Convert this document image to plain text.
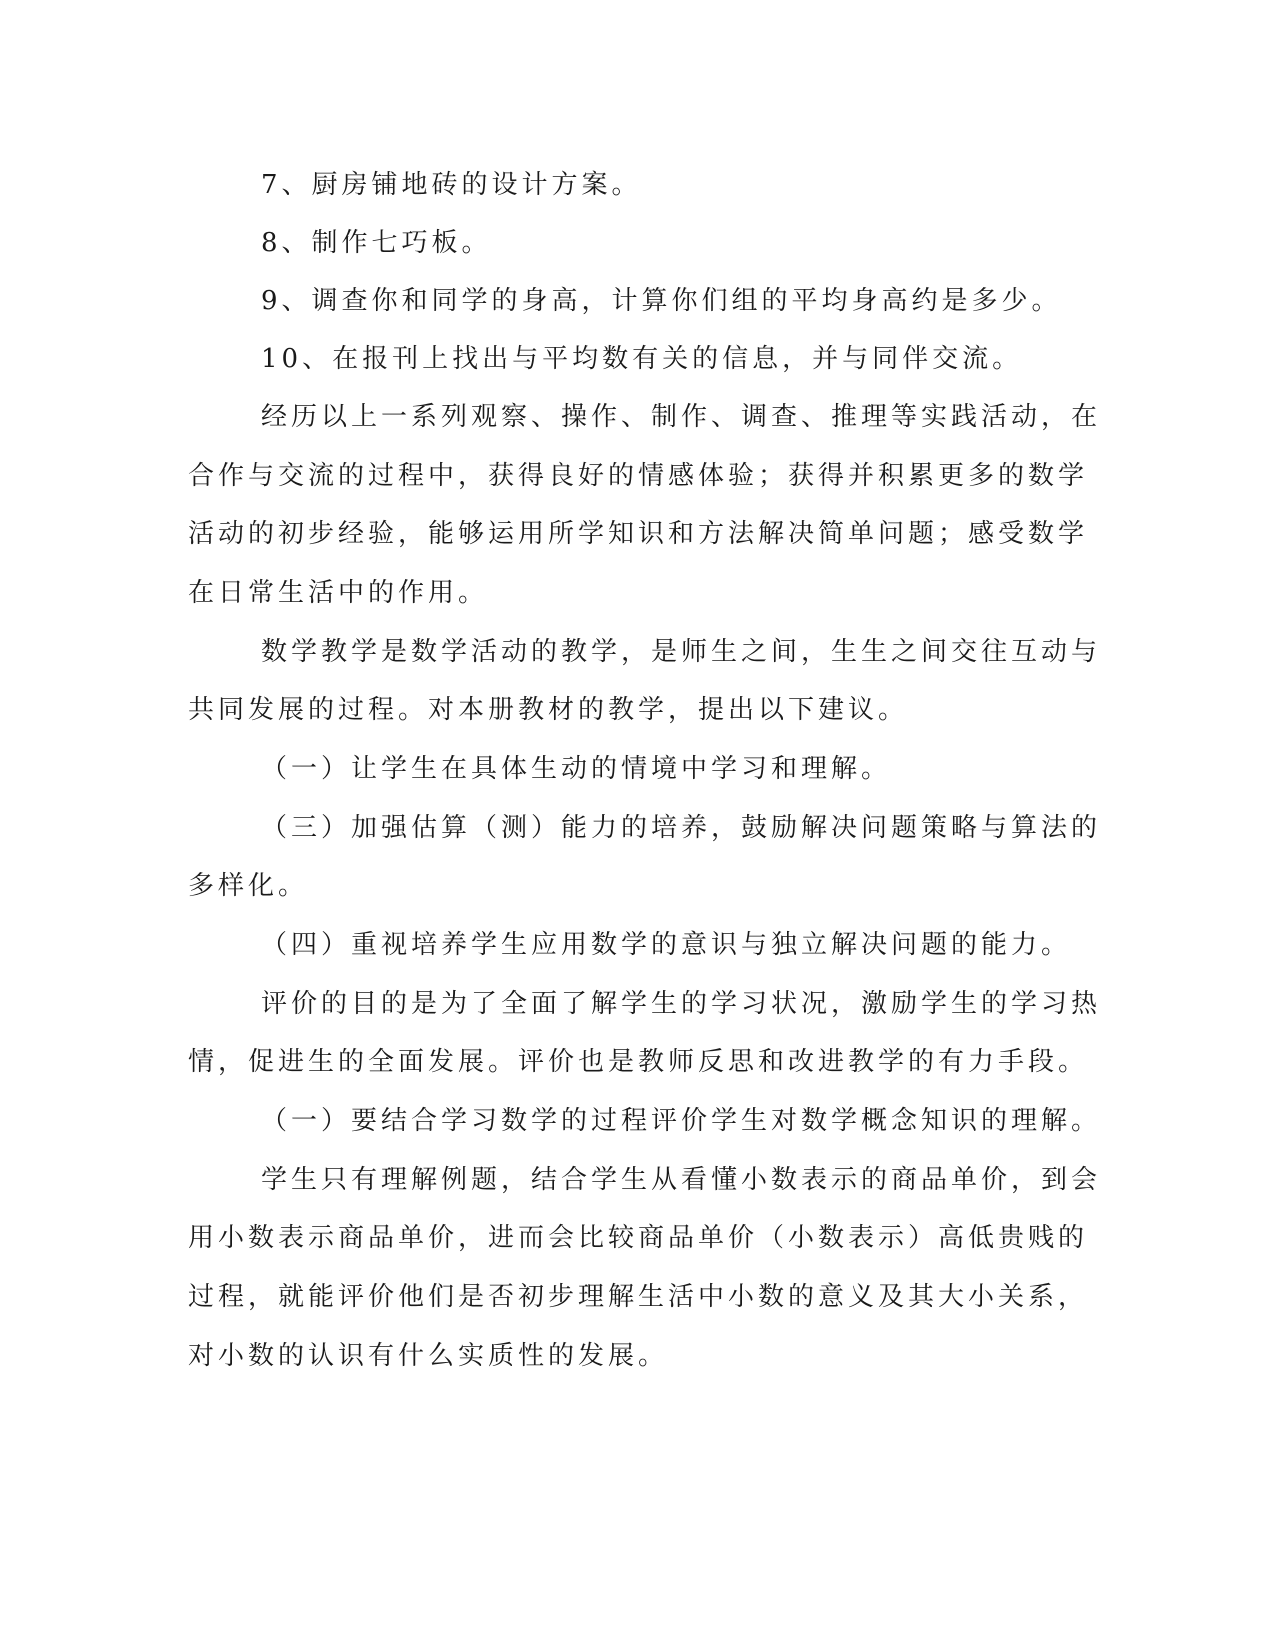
7、厨房铺地砖的设计方案。
8、制作七巧板。
9、调查你和同学的身高，计算你们组的平均身高约是多少。
10、在报刊上找出与平均数有关的信息，并与同伴交流。
经历以上一系列观察、操作、制作、调查、推理等实践活动，在
合作与交流的过程中，获得良好的情感体验；获得并积累更多的数学
活动的初步经验，能够运用所学知识和方法解决简单问题；感受数学
在日常生活中的作用。
数学教学是数学活动的教学，是师生之间，生生之间交往互动与
共同发展的过程。对本册教材的教学，提出以下建议。
（一）让学生在具体生动的情境中学习和理解。
（三）加强估算（测）能力的培养，鼓励解决问题策略与算法的
多样化。
（四）重视培养学生应用数学的意识与独立解决问题的能力。
评价的目的是为了全面了解学生的学习状况，激励学生的学习热
情，促进生的全面发展。评价也是教师反思和改进教学的有力手段。
（一）要结合学习数学的过程评价学生对数学概念知识的理解。
学生只有理解例题，结合学生从看懂小数表示的商品单价，到会
用小数表示商品单价，进而会比较商品单价（小数表示）高低贵贱的
过程，就能评价他们是否初步理解生活中小数的意义及其大小关系，
对小数的认识有什么实质性的发展。
